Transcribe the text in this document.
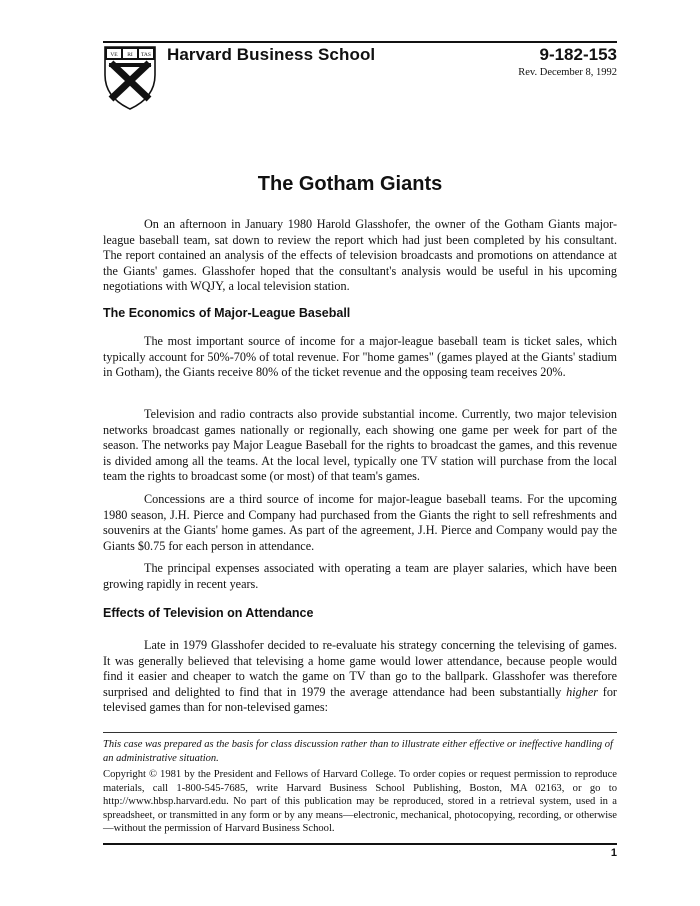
VE RI TAS Harvard Business School	9-182-153
Rev. December 8, 1992
The Gotham Giants

On an afternoon in January 1980 Harold Glasshofer, the owner of the Gotham Giants major-league baseball team, sat down to review the report which had just been completed by his consultant. The report contained an analysis of the effects of television broadcasts and promotions on attendance at the Giants' games. Glasshofer hoped that the consultant's analysis would be useful in his upcoming negotiations with WQJY, a local television station.

The Economics of Major-League Baseball

The most important source of income for a major-league baseball team is ticket sales, which typically account for 50%-70% of total revenue. For "home games" (games played at the Giants' stadium in Gotham), the Giants receive 80% of the ticket revenue and the opposing team receives 20%.

Television and radio contracts also provide substantial income. Currently, two major television networks broadcast games nationally or regionally, each showing one game per week for part of the season. The networks pay Major League Baseball for the rights to broadcast the games, and this revenue is divided among all the teams. At the local level, typically one TV station will purchase from the local team the rights to broadcast some (or most) of that team's games.

Concessions are a third source of income for major-league baseball teams. For the upcoming 1980 season, J.H. Pierce and Company had purchased from the Giants the right to sell refreshments and souvenirs at the Giants' home games. As part of the agreement, J.H. Pierce and Company would pay the Giants $0.75 for each person in attendance.

The principal expenses associated with operating a team are player salaries, which have been growing rapidly in recent years.

Effects of Television on Attendance

Late in 1979 Glasshofer decided to re-evaluate his strategy concerning the televising of games. It was generally believed that televising a home game would lower attendance, because people would find it easier and cheaper to watch the game on TV than go to the ballpark. Glasshofer was therefore surprised and delighted to find that in 1979 the average attendance had been substantially higher for televised games than for non-televised games:

This case was prepared as the basis for class discussion rather than to illustrate either effective or ineffective handling of an administrative situation.
Copyright © 1981 by the President and Fellows of Harvard College. To order copies or request permission to reproduce materials, call 1-800-545-7685, write Harvard Business School Publishing, Boston, MA 02163, or go to http://www.hbsp.harvard.edu. No part of this publication may be reproduced, stored in a retrieval system, used in a spreadsheet, or transmitted in any form or by any means—electronic, mechanical, photocopying, recording, or otherwise—without the permission of Harvard Business School.
1
